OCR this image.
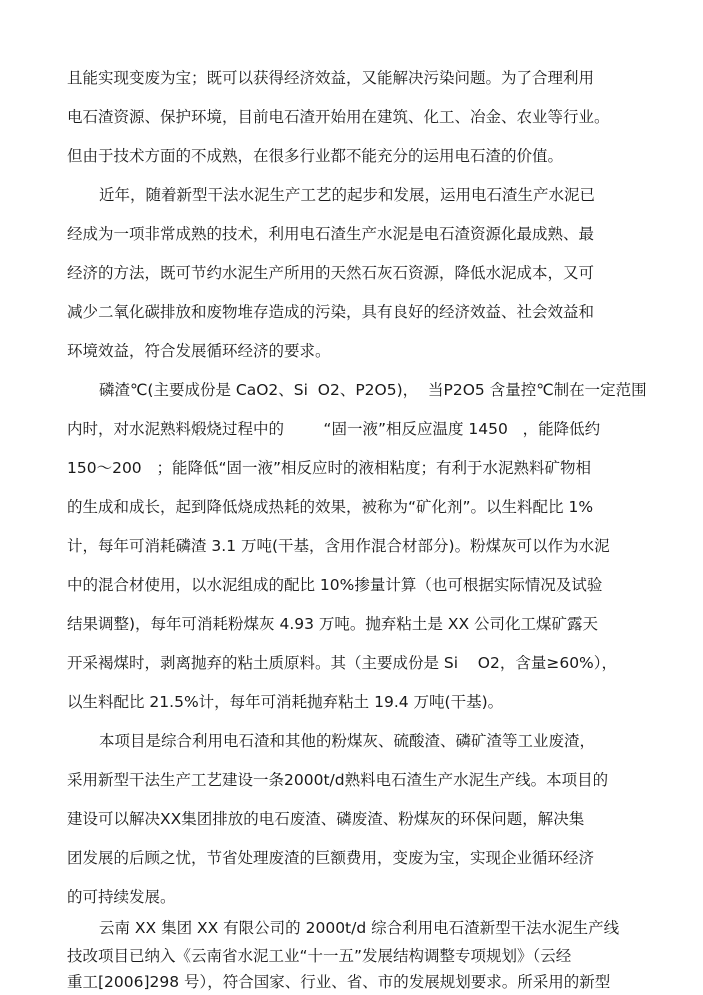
且能实现变废为宝；既可以获得经济效益，又能解决污染问题。为了合理利用
电石渣资源、保护环境，目前电石渣开始用在建筑、化工、冶金、农业等行业。
但由于技术方面的不成熟，在很多行业都不能充分的运用电石渣的价值。
近年，随着新型干法水泥生产工艺的起步和发展，运用电石渣生产水泥已
经成为一项非常成熟的技术，利用电石渣生产水泥是电石渣资源化最成熟、最
经济的方法，既可节约水泥生产所用的天然石灰石资源，降低水泥成本，又可
减少二氧化碳排放和废物堆存造成的污染，具有良好的经济效益、社会效益和
环境效益，符合发展循环经济的要求。
磷渣℃(主要成份是 CaO2、Si  O2、P2O5)，  当P2O5 含量控℃制在一定范围
内时，对水泥熟料煅烧过程中的        “固一液”相反应温度 1450   ，能降低约
150～200   ；能降低“固一液”相反应时的液相粘度；有利于水泥熟料矿物相
的生成和成长，起到降低烧成热耗的效果，被称为“矿化剂”。以生料配比 1%
计，每年可消耗磷渣 3.1 万吨(干基，含用作混合材部分)。粉煤灰可以作为水泥
中的混合材使用，以水泥组成的配比 10%掺量计算（也可根据实际情况及试验
结果调整)，每年可消耗粉煤灰 4.93 万吨。抛弃粘土是 XX 公司化工煤矿露天
开采褐煤时，剥离抛弃的粘土质原料。其（主要成份是 Si    O2，含量≥60%），
以生料配比 21.5%计，每年可消耗抛弃粘土 19.4 万吨(干基)。
本项目是综合利用电石渣和其他的粉煤灰、硫酸渣、磷矿渣等工业废渣，
采用新型干法生产工艺建设一条2000t/d熟料电石渣生产水泥生产线。本项目的
建设可以解决XX集团排放的电石废渣、磷废渣、粉煤灰的环保问题，解决集
团发展的后顾之忧，节省处理废渣的巨额费用，变废为宝，实现企业循环经济
的可持续发展。
云南 XX 集团 XX 有限公司的 2000t/d 综合利用电石渣新型干法水泥生产线
技改项目已纳入《云南省水泥工业“十一五”发展结构调整专项规划》（云经
重工[2006]298 号），符合国家、行业、省、市的发展规划要求。所采用的新型
